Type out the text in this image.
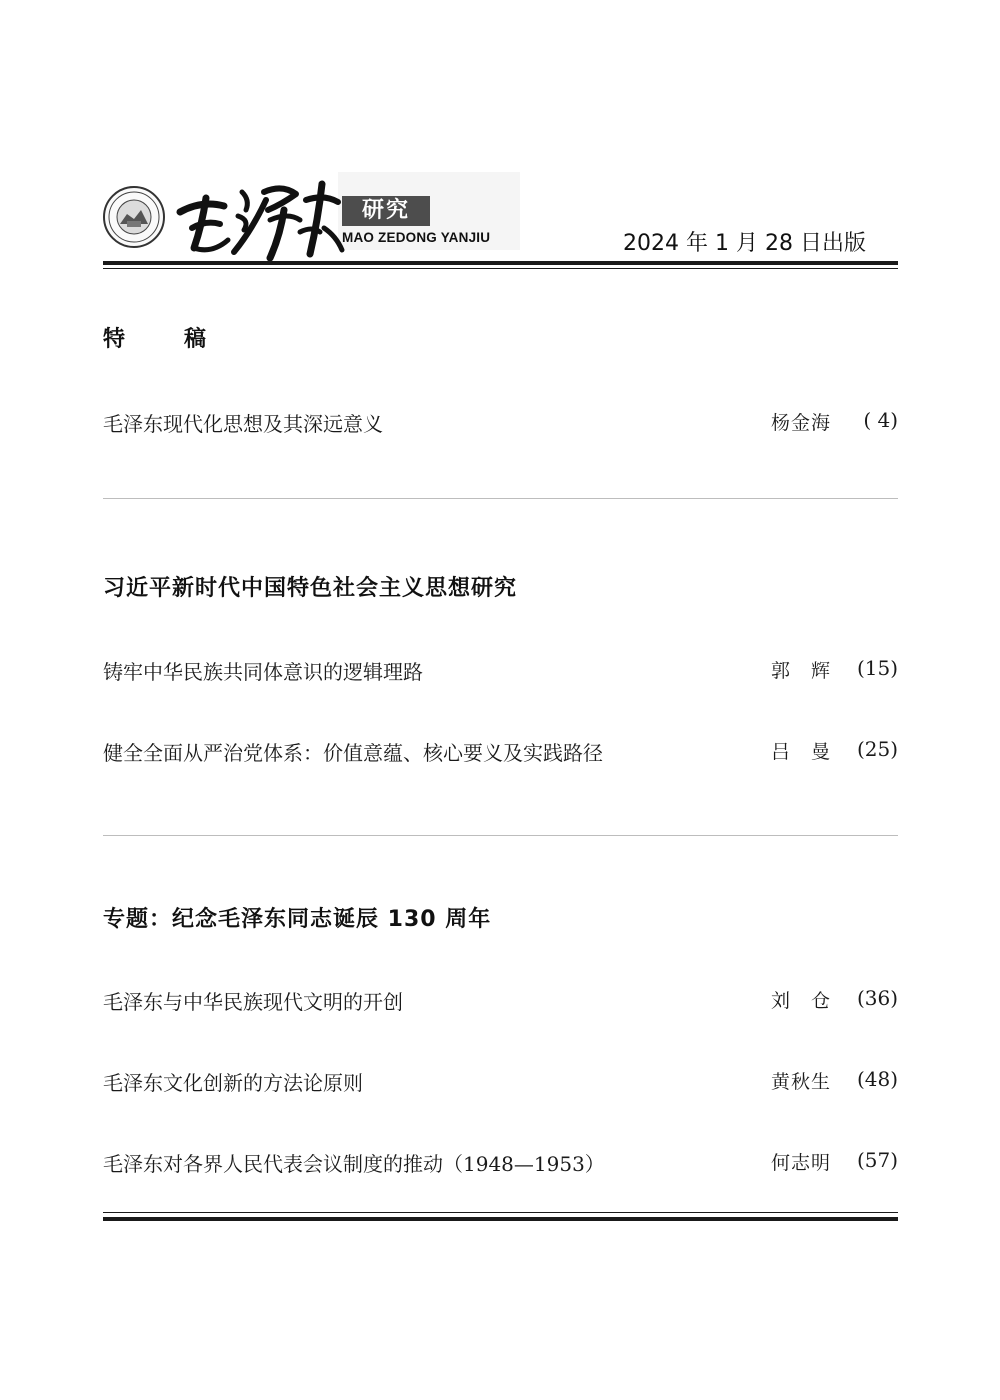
研究
MAO ZEDONG YANJIU	2024 年 1 月 28 日出版
特	稿
毛泽东现代化思想及其深远意义	杨金海 ( 4)
习近平新时代中国特色社会主义思想研究
铸牢中华民族共同体意识的逻辑理路	郭　辉 (15)
健全全面从严治党体系：价值意蕴、核心要义及实践路径	吕　曼 (25)
专题：纪念毛泽东同志诞辰 130 周年
毛泽东与中华民族现代文明的开创	刘　仓 (36)
毛泽东文化创新的方法论原则	黄秋生 (48)
毛泽东对各界人民代表会议制度的推动（1948—1953）	何志明 (57)
